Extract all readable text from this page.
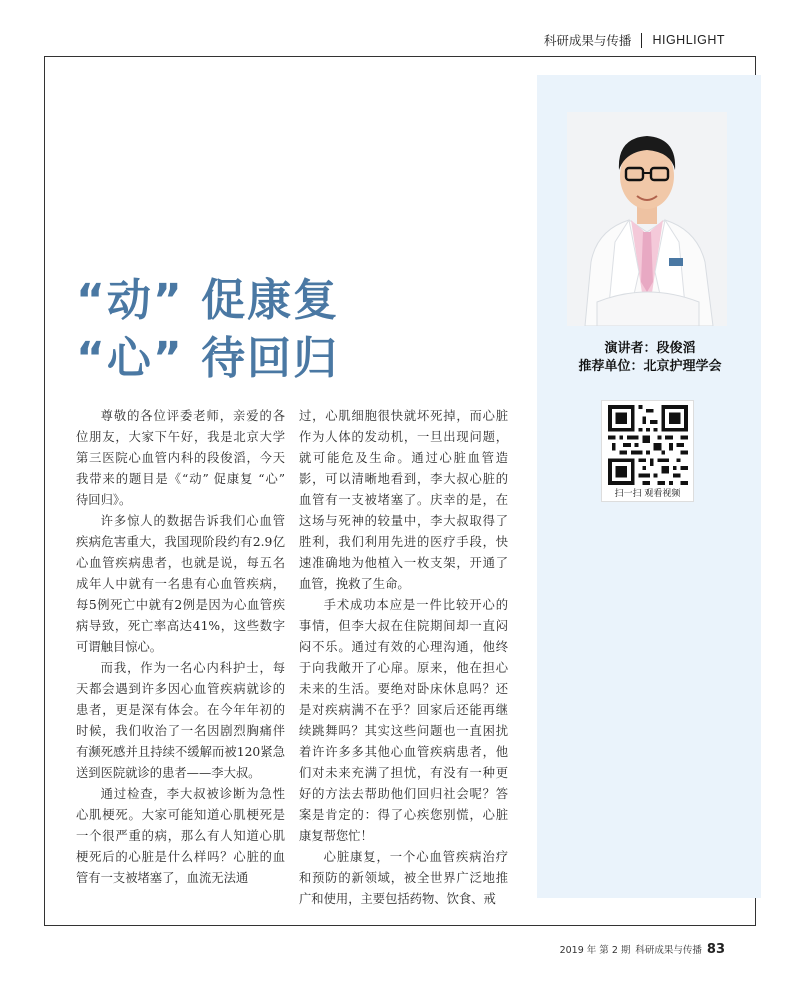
科研成果与传播 HIGHLIGHT
演讲者：段俊滔
推荐单位：北京护理学会
扫一扫 观看视频
“动” 促康复
“心” 待回归

尊敬的各位评委老师，亲爱的各位朋友，大家下午好，我是北京大学第三医院心血管内科的段俊滔，今天我带来的题目是《“动” 促康复 “心” 待回归》。

许多惊人的数据告诉我们心血管疾病危害重大，我国现阶段约有2.9亿心血管疾病患者，也就是说，每五名成年人中就有一名患有心血管疾病，每5例死亡中就有2例是因为心血管疾病导致，死亡率高达41%，这些数字可谓触目惊心。

而我，作为一名心内科护士，每天都会遇到许多因心血管疾病就诊的患者，更是深有体会。在今年年初的时候，我们收治了一名因剧烈胸痛伴有濒死感并且持续不缓解而被120紧急送到医院就诊的患者——李大叔。

通过检查，李大叔被诊断为急性心肌梗死。大家可能知道心肌梗死是一个很严重的病，那么有人知道心肌梗死后的心脏是什么样吗？心脏的血管有一支被堵塞了，血流无法通

过，心肌细胞很快就坏死掉，而心脏作为人体的发动机，一旦出现问题，就可能危及生命。通过心脏血管造影，可以清晰地看到，李大叔心脏的血管有一支被堵塞了。庆幸的是，在这场与死神的较量中，李大叔取得了胜利，我们利用先进的医疗手段，快速准确地为他植入一枚支架，开通了血管，挽救了生命。

手术成功本应是一件比较开心的事情，但李大叔在住院期间却一直闷闷不乐。通过有效的心理沟通，他终于向我敞开了心扉。原来，他在担心未来的生活。要绝对卧床休息吗？还是对疾病满不在乎？回家后还能再继续跳舞吗？其实这些问题也一直困扰着许许多多其他心血管疾病患者，他们对未来充满了担忧，有没有一种更好的方法去帮助他们回归社会呢？答案是肯定的：得了心疾您别慌，心脏康复帮您忙！

心脏康复，一个心血管疾病治疗和预防的新领域，被全世界广泛地推广和使用，主要包括药物、饮食、戒

2019 年 第 2 期 科研成果与传播 83
